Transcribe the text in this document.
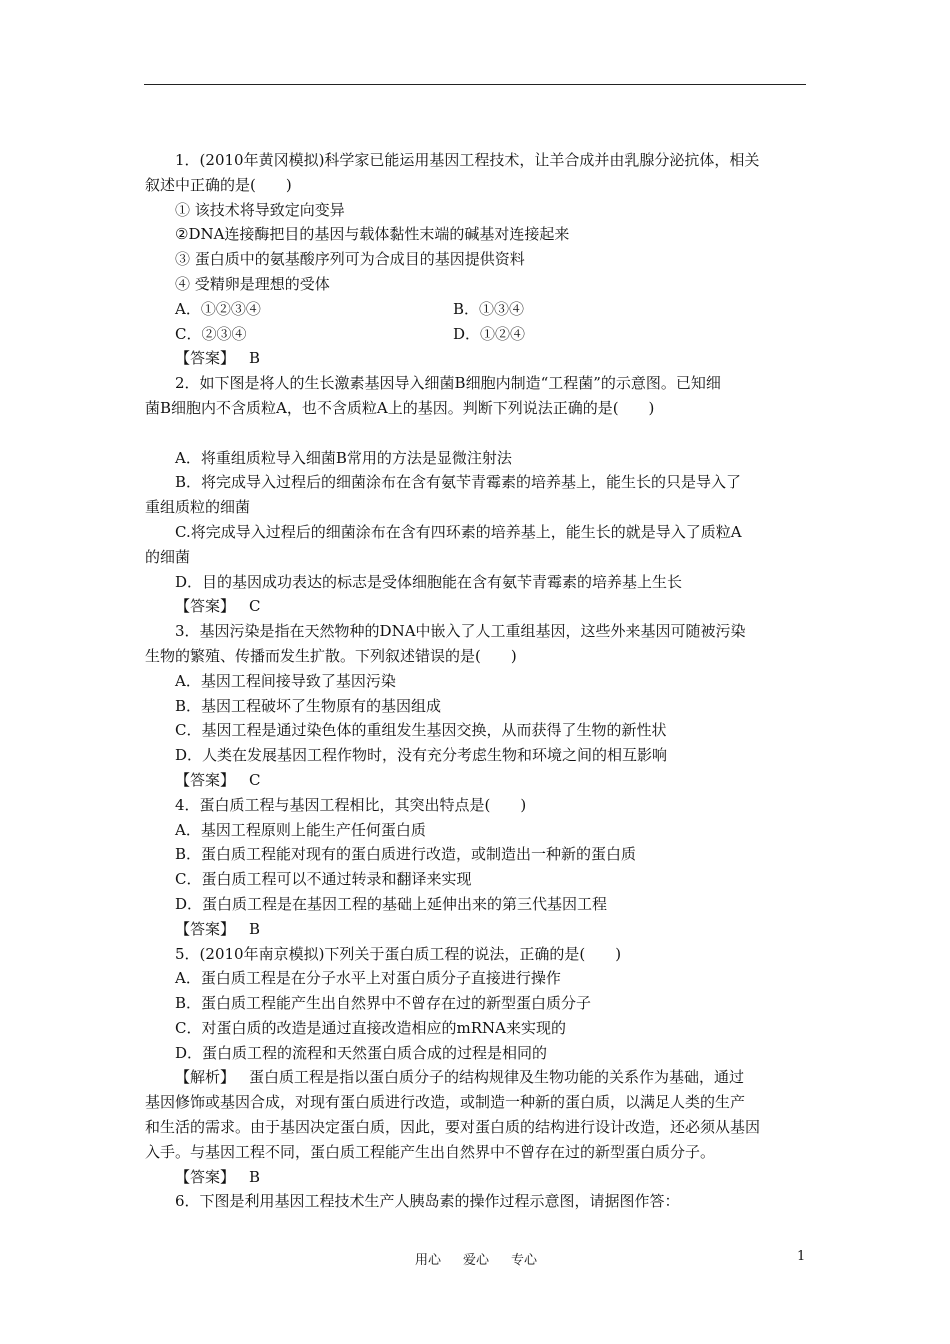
1．(2010年黄冈模拟)科学家已能运用基因工程技术，让羊合成并由乳腺分泌抗体，相关
叙述中正确的是(　　)
① 该技术将导致定向变异
②DNA连接酶把目的基因与载体黏性末端的碱基对连接起来
③ 蛋白质中的氨基酸序列可为合成目的基因提供资料
④ 受精卵是理想的受体
A．①②③④	B．①③④
C．②③④	D．①②④
【答案】 B
2．如下图是将人的生长激素基因导入细菌B细胞内制造“工程菌”的示意图。已知细
菌B细胞内不含质粒A，也不含质粒A上的基因。判断下列说法正确的是(　　)
A．将重组质粒导入细菌B常用的方法是显微注射法
B．将完成导入过程后的细菌涂布在含有氨苄青霉素的培养基上，能生长的只是导入了
重组质粒的细菌
C.将完成导入过程后的细菌涂布在含有四环素的培养基上，能生长的就是导入了质粒A
的细菌
D．目的基因成功表达的标志是受体细胞能在含有氨苄青霉素的培养基上生长
【答案】 C
3．基因污染是指在天然物种的DNA中嵌入了人工重组基因，这些外来基因可随被污染
生物的繁殖、传播而发生扩散。下列叙述错误的是(　　)
A．基因工程间接导致了基因污染
B．基因工程破坏了生物原有的基因组成
C．基因工程是通过染色体的重组发生基因交换，从而获得了生物的新性状
D．人类在发展基因工程作物时，没有充分考虑生物和环境之间的相互影响
【答案】 C
4．蛋白质工程与基因工程相比，其突出特点是(　　)
A．基因工程原则上能生产任何蛋白质
B．蛋白质工程能对现有的蛋白质进行改造，或制造出一种新的蛋白质
C．蛋白质工程可以不通过转录和翻译来实现
D．蛋白质工程是在基因工程的基础上延伸出来的第三代基因工程
【答案】 B
5．(2010年南京模拟)下列关于蛋白质工程的说法，正确的是(　　)
A．蛋白质工程是在分子水平上对蛋白质分子直接进行操作
B．蛋白质工程能产生出自然界中不曾存在过的新型蛋白质分子
C．对蛋白质的改造是通过直接改造相应的mRNA来实现的
D．蛋白质工程的流程和天然蛋白质合成的过程是相同的
【解析】 蛋白质工程是指以蛋白质分子的结构规律及生物功能的关系作为基础，通过
基因修饰或基因合成，对现有蛋白质进行改造，或制造一种新的蛋白质，以满足人类的生产
和生活的需求。由于基因决定蛋白质，因此，要对蛋白质的结构进行设计改造，还必须从基因
入手。与基因工程不同，蛋白质工程能产生出自然界中不曾存在过的新型蛋白质分子。
【答案】 B
6．下图是利用基因工程技术生产人胰岛素的操作过程示意图，请据图作答：
用心 爱心 专心	1
